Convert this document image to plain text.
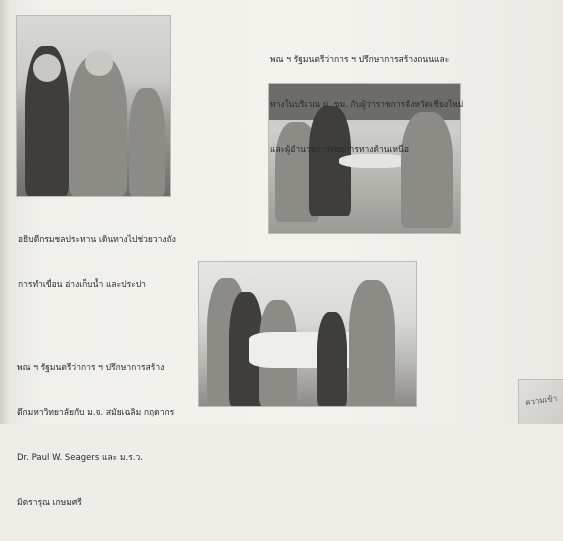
อธิบดีกรมชลประทาน เดินทางไปช่วยวางถัง

การทำเขื่อน อ่างเก็บน้ำ และประปา

พณ ฯ รัฐมนตรีว่าการ ฯ ปรึกษาการสร้างถนนและ

ทางในบริเวณ ม. ชม. กับผู้ว่าราชการจังหวัดเชียงใหม่

และผู้อำนวยการเขตการทางด้านเหนือ

พณ ฯ รัฐมนตรีว่าการ ฯ ปรึกษาการสร้าง

ตึกมหาวิทยาลัยกับ ม.จ. สมัยเฉลิม กฤดากร

Dr. Paul W. Seagers และ ม.ร.ว.

มิตรารุณ เกษมศรี

ความเข้า
